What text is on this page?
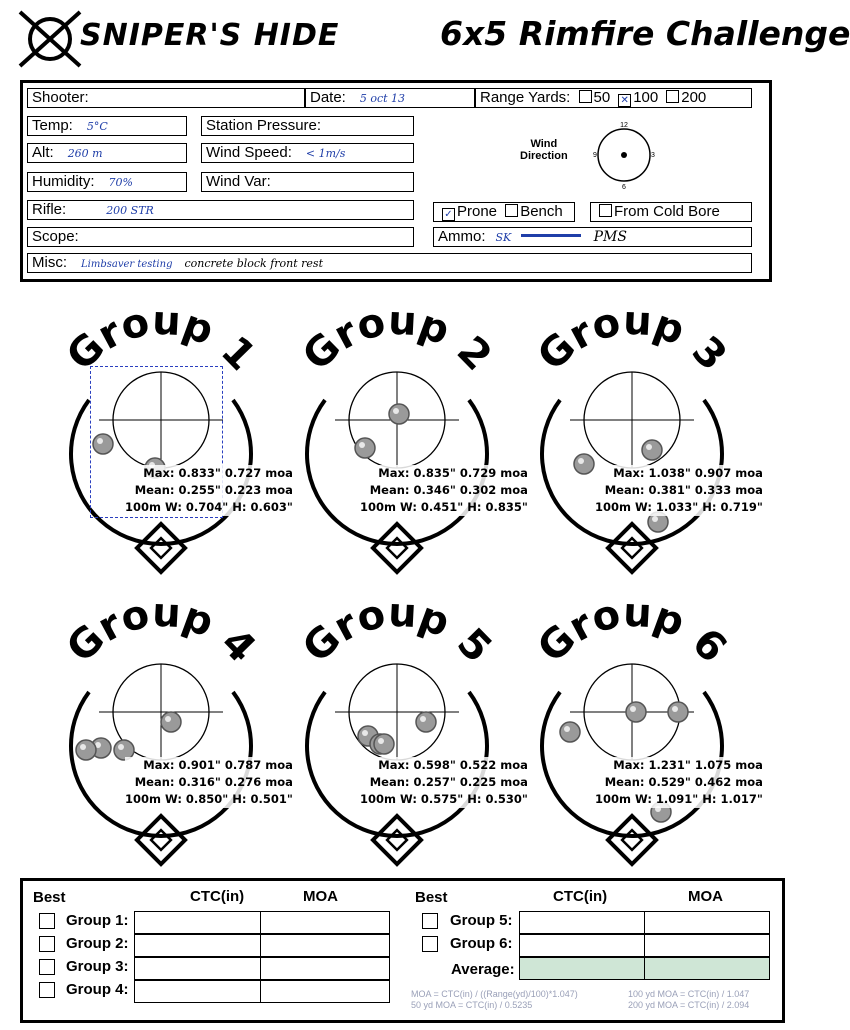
SNIPER'S HIDE	6x5 Rimfire Challenge
Shooter:	Date: 5 oct 13	Range Yards: 50 ✕ 100 200
Temp: 5°C	Station Pressure:
Alt: 260 m	Wind Speed: < 1m/s
Humidity: 70%	Wind Var:
Rifle:	200 STR	✓ Prone Bench	From Cold Bore
Scope:	Ammo: SK	PMS
Misc: Limbsaver testing concrete block front rest
12
3
6
9
Wind
Direction
Group 1 Group 2 Group 3
Group 4 Group 5 Group 6
Max: 0.833" 0.727 moa
Mean: 0.255" 0.223 moa
100m W: 0.704" H: 0.603"
Max: 0.835" 0.729 moa
Mean: 0.346" 0.302 moa
100m W: 0.451" H: 0.835"
Max: 1.038" 0.907 moa
Mean: 0.381" 0.333 moa
100m W: 1.033" H: 0.719"
Max: 0.901" 0.787 moa
Mean: 0.316" 0.276 moa
100m W: 0.850" H: 0.501"
Max: 0.598" 0.522 moa
Mean: 0.257" 0.225 moa
100m W: 0.575" H: 0.530"
Max: 1.231" 1.075 moa
Mean: 0.529" 0.462 moa
100m W: 1.091" H: 1.017"
Best	CTC(in)	MOA	Best	CTC(in)	MOA
Group 1:
Group 2:
Group 3:
Group 4:
Group 5:
Group 6:
Average:
MOA = CTC(in) / ((Range(yd)/100)*1.047)
50 yd MOA = CTC(in) / 0.5235
100 yd MOA = CTC(in) / 1.047
200 yd MOA = CTC(in) / 2.094
